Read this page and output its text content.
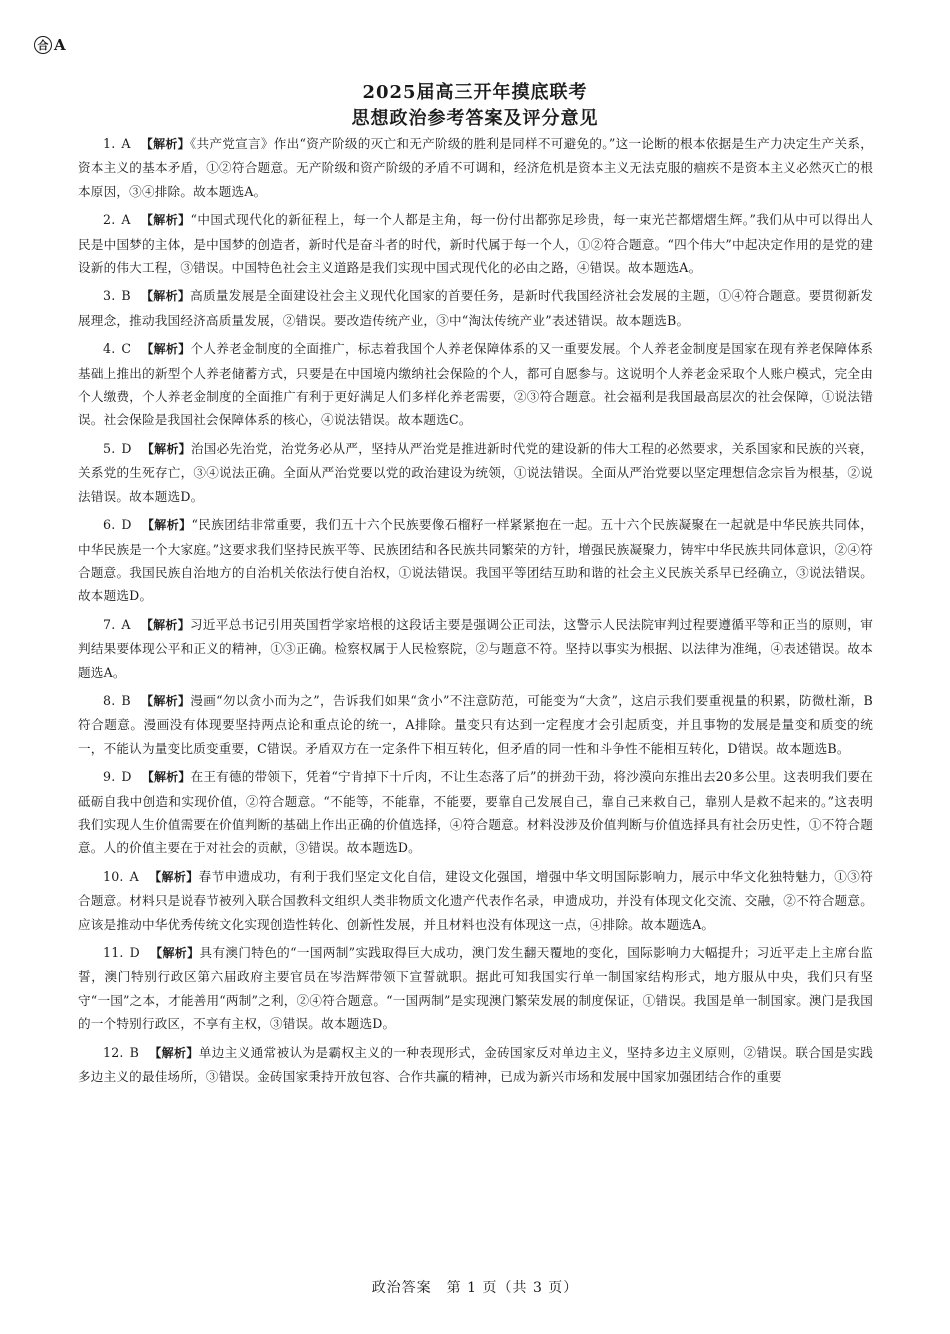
合 A
2025届高三开年摸底联考
思想政治参考答案及评分意见

1. A 【解析】《共产党宣言》作出“资产阶级的灭亡和无产阶级的胜利是同样不可避免的。”这一论断的根本依据是生产力决定生产关系，资本主义的基本矛盾，①②符合题意。无产阶级和资产阶级的矛盾不可调和，经济危机是资本主义无法克服的痼疾不是资本主义必然灭亡的根本原因，③④排除。故本题选A。

2. A 【解析】“中国式现代化的新征程上，每一个人都是主角，每一份付出都弥足珍贵，每一束光芒都熠熠生辉。”我们从中可以得出人民是中国梦的主体，是中国梦的创造者，新时代是奋斗者的时代，新时代属于每一个人，①②符合题意。“四个伟大”中起决定作用的是党的建设新的伟大工程，③错误。中国特色社会主义道路是我们实现中国式现代化的必由之路，④错误。故本题选A。

3. B 【解析】高质量发展是全面建设社会主义现代化国家的首要任务，是新时代我国经济社会发展的主题，①④符合题意。要贯彻新发展理念，推动我国经济高质量发展，②错误。要改造传统产业，③中“淘汰传统产业”表述错误。故本题选B。

4. C 【解析】个人养老金制度的全面推广，标志着我国个人养老保障体系的又一重要发展。个人养老金制度是国家在现有养老保障体系基础上推出的新型个人养老储蓄方式，只要是在中国境内缴纳社会保险的个人，都可自愿参与。这说明个人养老金采取个人账户模式，完全由个人缴费，个人养老金制度的全面推广有利于更好满足人们多样化养老需要，②③符合题意。社会福利是我国最高层次的社会保障，①说法错误。社会保险是我国社会保障体系的核心，④说法错误。故本题选C。

5. D 【解析】治国必先治党，治党务必从严，坚持从严治党是推进新时代党的建设新的伟大工程的必然要求，关系国家和民族的兴衰，关系党的生死存亡，③④说法正确。全面从严治党要以党的政治建设为统领，①说法错误。全面从严治党要以坚定理想信念宗旨为根基，②说法错误。故本题选D。

6. D 【解析】“民族团结非常重要，我们五十六个民族要像石榴籽一样紧紧抱在一起。五十六个民族凝聚在一起就是中华民族共同体，中华民族是一个大家庭。”这要求我们坚持民族平等、民族团结和各民族共同繁荣的方针，增强民族凝聚力，铸牢中华民族共同体意识，②④符合题意。我国民族自治地方的自治机关依法行使自治权，①说法错误。我国平等团结互助和谐的社会主义民族关系早已经确立，③说法错误。故本题选D。

7. A 【解析】习近平总书记引用英国哲学家培根的这段话主要是强调公正司法，这警示人民法院审判过程要遵循平等和正当的原则，审判结果要体现公平和正义的精神，①③正确。检察权属于人民检察院，②与题意不符。坚持以事实为根据、以法律为准绳，④表述错误。故本题选A。

8. B 【解析】漫画“勿以贪小而为之”，告诉我们如果“贪小”不注意防范，可能变为“大贪”，这启示我们要重视量的积累，防微杜渐，B符合题意。漫画没有体现要坚持两点论和重点论的统一，A排除。量变只有达到一定程度才会引起质变，并且事物的发展是量变和质变的统一，不能认为量变比质变重要，C错误。矛盾双方在一定条件下相互转化，但矛盾的同一性和斗争性不能相互转化，D错误。故本题选B。

9. D 【解析】在王有德的带领下，凭着“宁肯掉下十斤肉，不让生态落了后”的拼劲干劲，将沙漠向东推出去20多公里。这表明我们要在砥砺自我中创造和实现价值，②符合题意。“不能等，不能靠，不能要，要靠自己发展自己，靠自己来救自己，靠别人是救不起来的。”这表明我们实现人生价值需要在价值判断的基础上作出正确的价值选择，④符合题意。材料没涉及价值判断与价值选择具有社会历史性，①不符合题意。人的价值主要在于对社会的贡献，③错误。故本题选D。

10. A 【解析】春节申遗成功，有利于我们坚定文化自信，建设文化强国，增强中华文明国际影响力，展示中华文化独特魅力，①③符合题意。材料只是说春节被列入联合国教科文组织人类非物质文化遗产代表作名录，申遗成功，并没有体现文化交流、交融，②不符合题意。应该是推动中华优秀传统文化实现创造性转化、创新性发展，并且材料也没有体现这一点，④排除。故本题选A。

11. D 【解析】具有澳门特色的“一国两制”实践取得巨大成功，澳门发生翻天覆地的变化，国际影响力大幅提升；习近平走上主席台监誓，澳门特别行政区第六届政府主要官员在岑浩辉带领下宣誓就职。据此可知我国实行单一制国家结构形式，地方服从中央，我们只有坚守“一国”之本，才能善用“两制”之利，②④符合题意。“一国两制”是实现澳门繁荣发展的制度保证，①错误。我国是单一制国家。澳门是我国的一个特别行政区，不享有主权，③错误。故本题选D。

12. B 【解析】单边主义通常被认为是霸权主义的一种表现形式，金砖国家反对单边主义，坚持多边主义原则，②错误。联合国是实践多边主义的最佳场所，③错误。金砖国家秉持开放包容、合作共赢的精神，已成为新兴市场和发展中国家加强团结合作的重要

政治答案　第 1 页（共 3 页）
